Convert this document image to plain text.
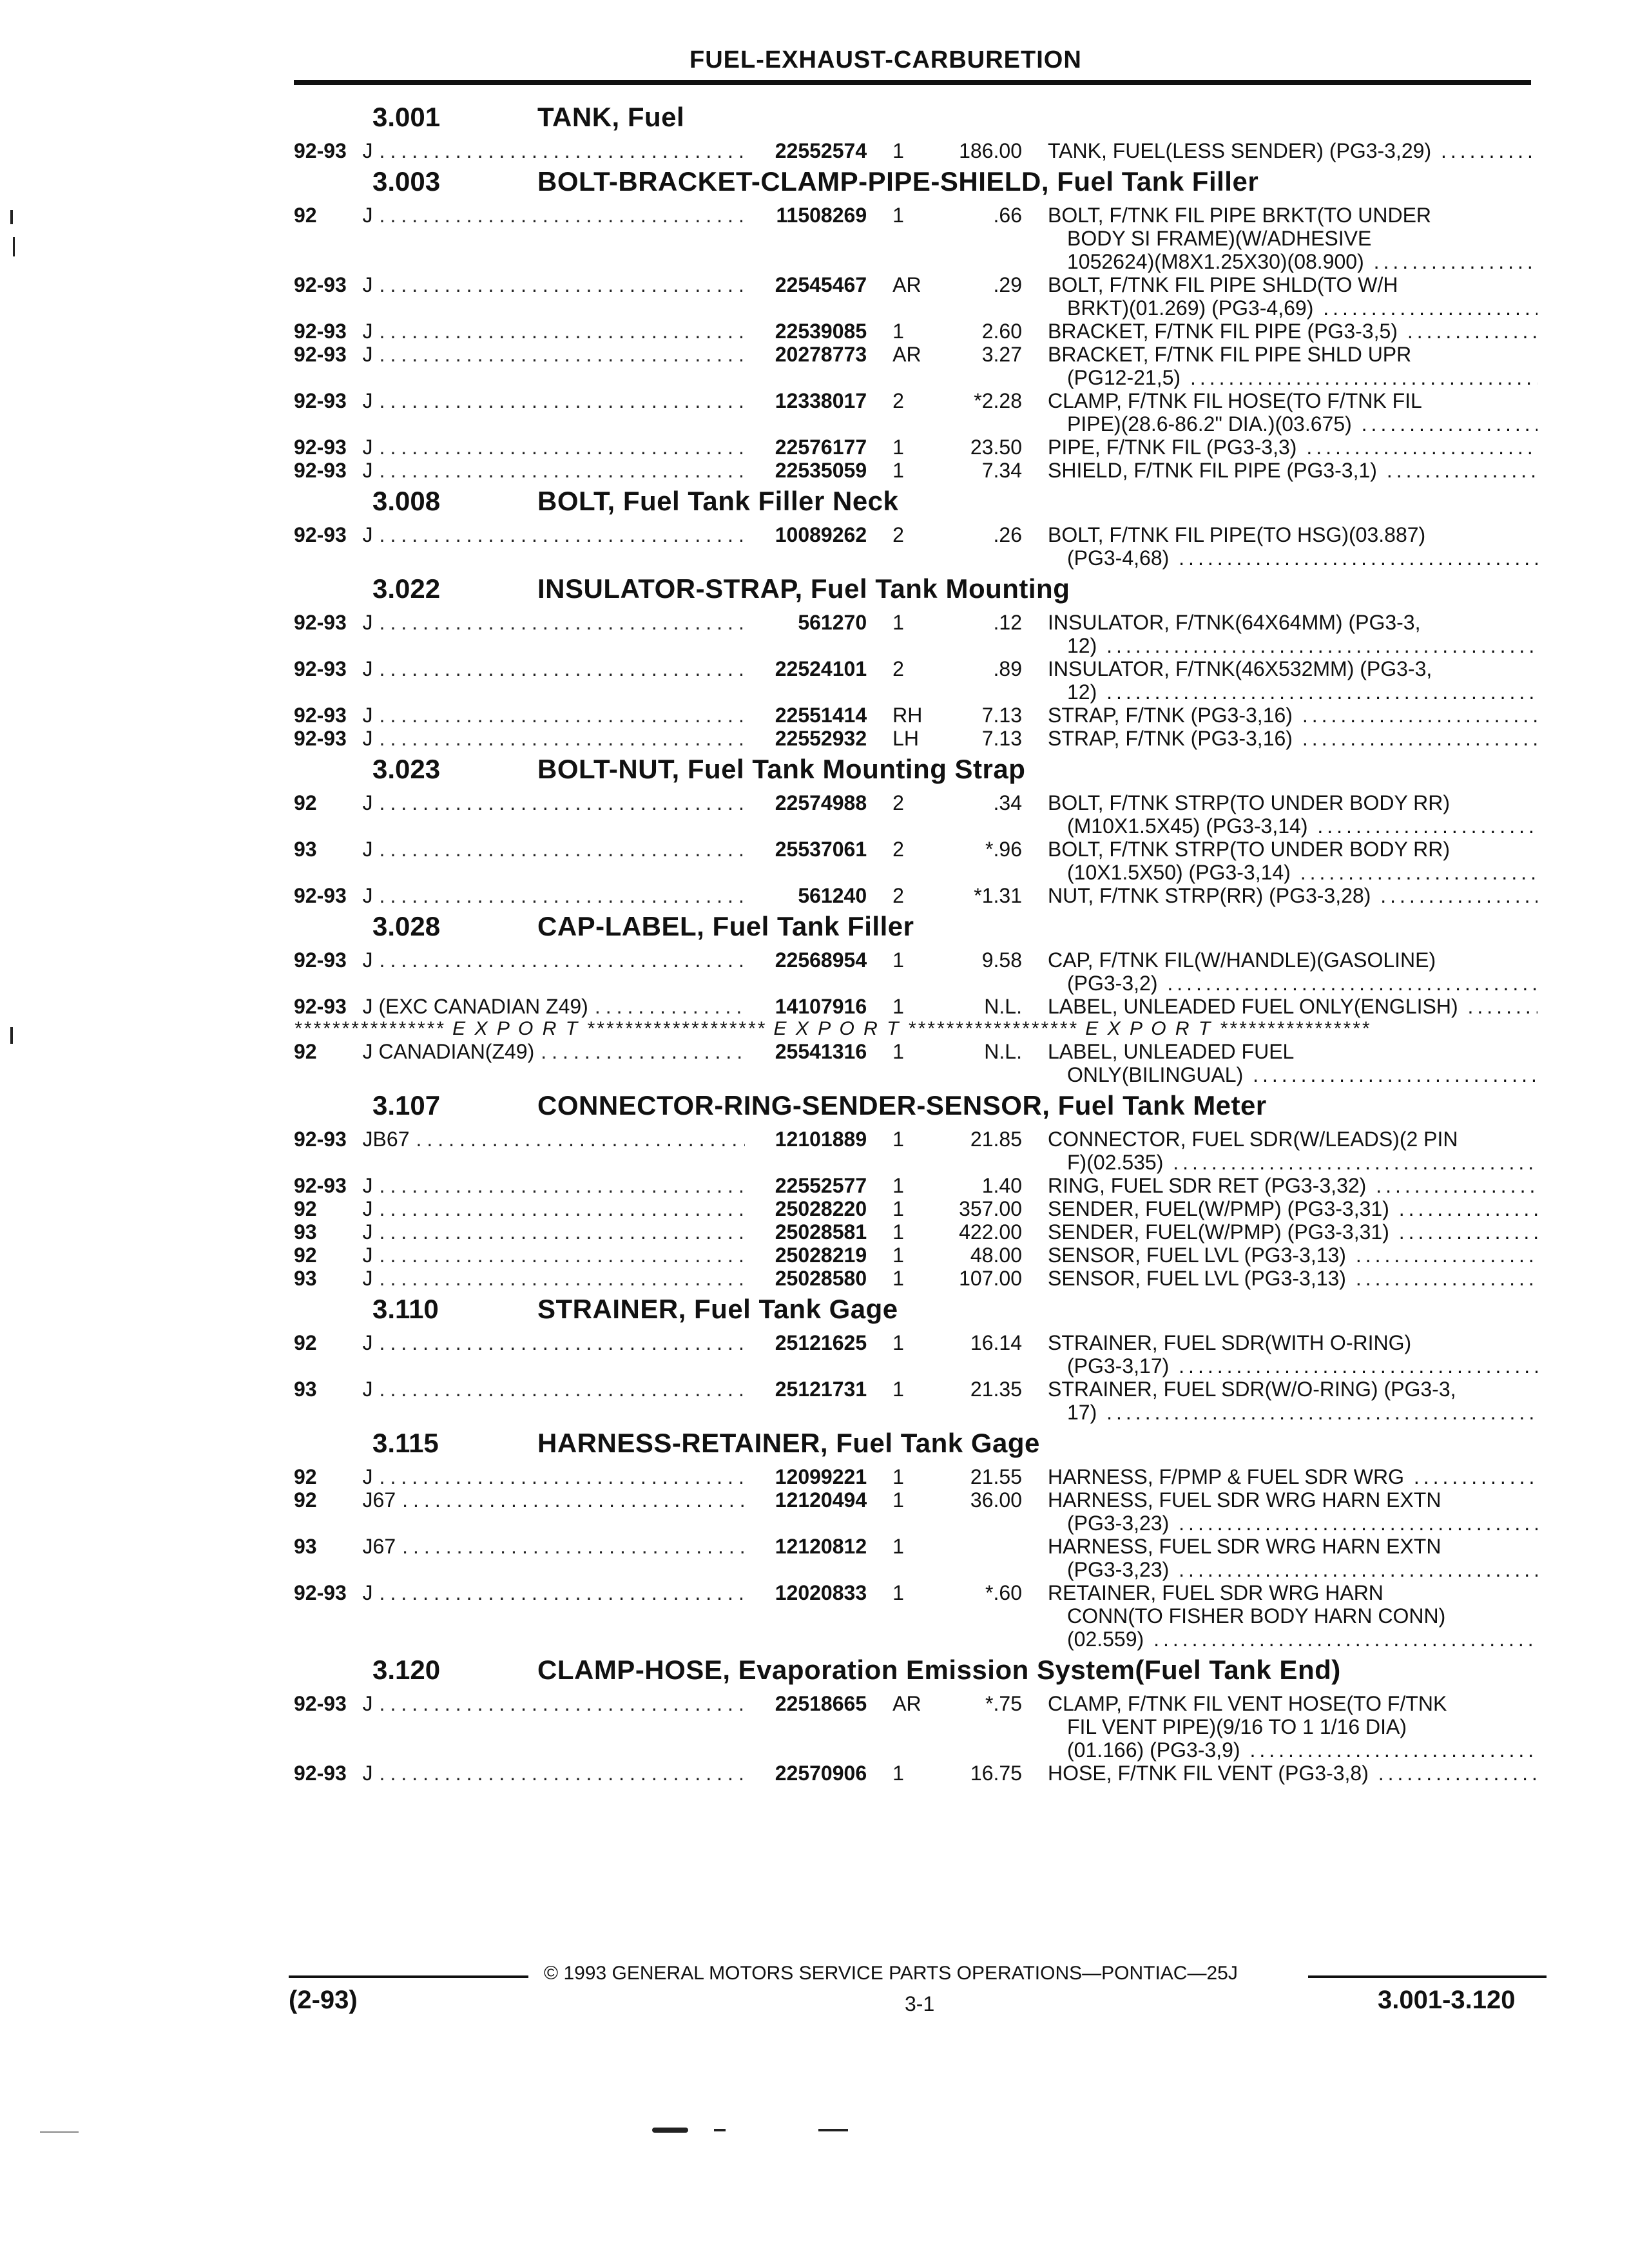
FUEL-EXHAUST-CARBURETION
3.001	TANK, Fuel
92-93 J .....	22552574	1	186.00 TANK, FUEL(LESS SENDER) (PG3-3,29) .....
3.003	BOLT-BRACKET-CLAMP-PIPE-SHIELD, Fuel Tank Filler
92	J .....	11508269	1	.66 BOLT, F/TNK FIL PIPE BRKT(TO UNDER
BODY SI FRAME)(W/ADHESIVE
1052624)(M8X1.25X30)(08.900) .....
92-93 J .....	22545467	AR	.29 BOLT, F/TNK FIL PIPE SHLD(TO W/H
BRKT)(01.269) (PG3-4,69) .....
92-93 J .....	22539085	1	2.60 BRACKET, F/TNK FIL PIPE (PG3-3,5) .....
92-93 J .....	20278773	AR	3.27 BRACKET, F/TNK FIL PIPE SHLD UPR
(PG12-21,5) .....
92-93 J .....	12338017	2	*2.28 CLAMP, F/TNK FIL HOSE(TO F/TNK FIL
PIPE)(28.6-86.2" DIA.)(03.675) .....
92-93 J .....	22576177	1	23.50 PIPE, F/TNK FIL (PG3-3,3) .....
92-93 J .....	22535059	1	7.34 SHIELD, F/TNK FIL PIPE (PG3-3,1) .....
3.008	BOLT, Fuel Tank Filler Neck
92-93 J .....	10089262	2	.26 BOLT, F/TNK FIL PIPE(TO HSG)(03.887)
(PG3-4,68) .....
3.022	INSULATOR-STRAP, Fuel Tank Mounting
92-93 J .....	561270	1	.12 INSULATOR, F/TNK(64X64MM) (PG3-3,
12) .....
92-93 J .....	22524101	2	.89 INSULATOR, F/TNK(46X532MM) (PG3-3,
12) .....
92-93 J .....	22551414	RH	7.13 STRAP, F/TNK (PG3-3,16) .....
92-93 J .....	22552932	LH	7.13 STRAP, F/TNK (PG3-3,16) .....
3.023	BOLT-NUT, Fuel Tank Mounting Strap
92	J .....	22574988	2	.34 BOLT, F/TNK STRP(TO UNDER BODY RR)
(M10X1.5X45) (PG3-3,14) .....
93	J .....	25537061	2	*.96 BOLT, F/TNK STRP(TO UNDER BODY RR)
(10X1.5X50) (PG3-3,14) .....
92-93 J .....	561240	2	*1.31 NUT, F/TNK STRP(RR) (PG3-3,28) .....
3.028	CAP-LABEL, Fuel Tank Filler
92-93 J .....	22568954	1	9.58 CAP, F/TNK FIL(W/HANDLE)(GASOLINE)
(PG3-3,2) .....
92-93 J (EXC CANADIAN Z49) .....	14107916	1	N.L. LABEL, UNLEADED FUEL ONLY(ENGLISH) .....
**************** E X P O R T ******************* E X P O R T ****************** E X P O R T ****************
92	J CANADIAN(Z49) .....	25541316	1	N.L. LABEL, UNLEADED FUEL
ONLY(BILINGUAL) .....
3.107	CONNECTOR-RING-SENDER-SENSOR, Fuel Tank Meter
92-93 JB67 .....	12101889	1	21.85 CONNECTOR, FUEL SDR(W/LEADS)(2 PIN
F)(02.535) .....
92-93 J .....	22552577	1	1.40 RING, FUEL SDR RET (PG3-3,32) .....
92	J .....	25028220	1	357.00 SENDER, FUEL(W/PMP) (PG3-3,31) .....
93	J .....	25028581	1	422.00 SENDER, FUEL(W/PMP) (PG3-3,31) .....
92	J .....	25028219	1	48.00 SENSOR, FUEL LVL (PG3-3,13) .....
93	J .....	25028580	1	107.00 SENSOR, FUEL LVL (PG3-3,13) .....
3.110	STRAINER, Fuel Tank Gage
92	J .....	25121625	1	16.14 STRAINER, FUEL SDR(WITH O-RING)
(PG3-3,17) .....
93	J .....	25121731	1	21.35 STRAINER, FUEL SDR(W/O-RING) (PG3-3,
17) .....
3.115	HARNESS-RETAINER, Fuel Tank Gage
92	J .....	12099221	1	21.55 HARNESS, F/PMP & FUEL SDR WRG .....
92	J67 .....	12120494	1	36.00 HARNESS, FUEL SDR WRG HARN EXTN
(PG3-3,23) .....
93	J67 .....	12120812	1	HARNESS, FUEL SDR WRG HARN EXTN
(PG3-3,23) .....
92-93 J .....	12020833	1	*.60 RETAINER, FUEL SDR WRG HARN
CONN(TO FISHER BODY HARN CONN)
(02.559) .....
3.120	CLAMP-HOSE, Evaporation Emission System(Fuel Tank End)
92-93 J .....	22518665	AR	*.75 CLAMP, F/TNK FIL VENT HOSE(TO F/TNK
FIL VENT PIPE)(9/16 TO 1 1/16 DIA)
(01.166) (PG3-3,9) .....
92-93 J .....	22570906	1	16.75 HOSE, F/TNK FIL VENT (PG3-3,8) .....
© 1993 GENERAL MOTORS SERVICE PARTS OPERATIONS—PONTIAC—25J
(2-93)	3-1	3.001-3.120
